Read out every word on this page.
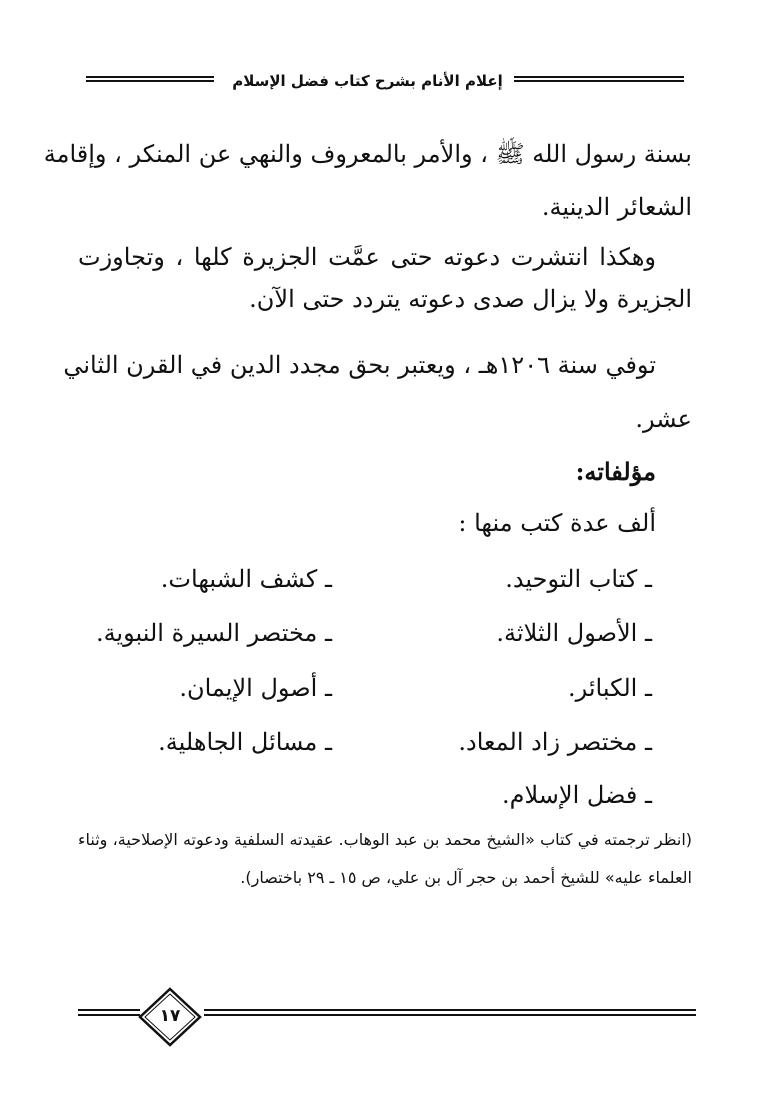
إعلام الأنام بشرح كتاب فضل الإسلام
بسنة رسول الله ﷺ ، والأمر بالمعروف والنهي عن المنكر ، وإقامة
الشعائر الدينية.
وهكذا انتشرت دعوته حتى عمَّت الجزيرة كلها ، وتجاوزت الجزيرة ولا يزال صدى دعوته يتردد حتى الآن.
توفي سنة ١٢٠٦هـ ، ويعتبر بحق مجدد الدين في القرن الثاني
عشر.
مؤلفاته:
ألف عدة كتب منها :
ـ كتاب التوحيد.
ـ كشف الشبهات.
ـ الأصول الثلاثة.
ـ مختصر السيرة النبوية.
ـ الكبائر.
ـ أصول الإيمان.
ـ مختصر زاد المعاد.
ـ مسائل الجاهلية.
ـ فضل الإسلام.
(انظر ترجمته في كتاب «الشيخ محمد بن عبد الوهاب. عقيدته السلفية ودعوته الإصلاحية، وثناء العلماء عليه» للشيخ أحمد بن حجر آل بن علي، ص ١٥ ـ ٢٩ باختصار).
١٧
